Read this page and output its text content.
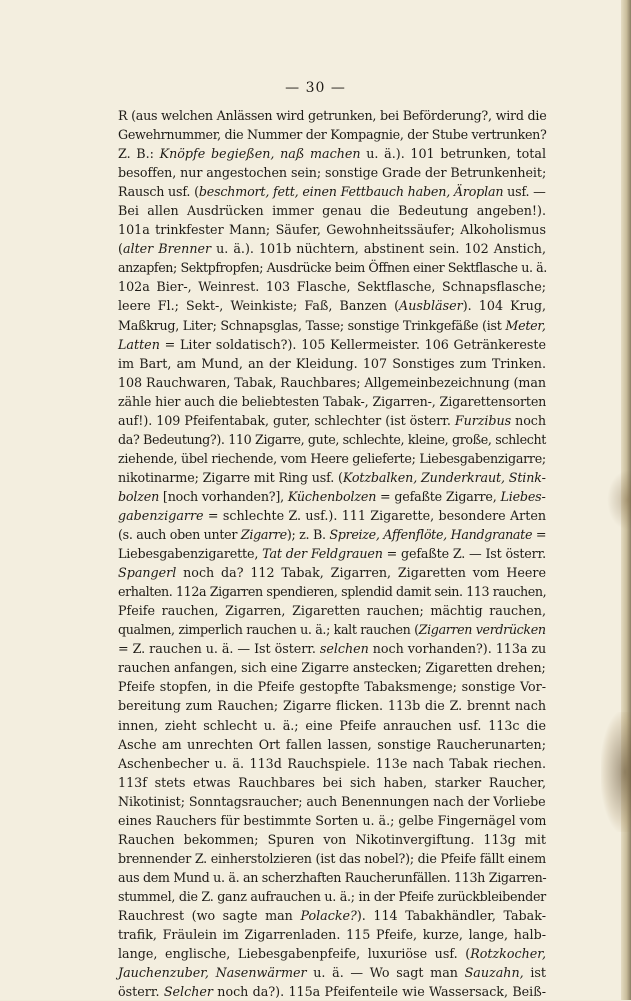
— 30 —
R (aus welchen Anlässen wird getrunken, bei Beförderung?, wird die
Gewehrnummer, die Nummer der Kompagnie, der Stube vertrunken?
Z. B.: Knöpfe begießen, naß machen u. ä.). 101 betrunken, total
besoffen, nur angestochen sein; sonstige Grade der Betrunkenheit;
Rausch usf. (beschmort, fett, einen Fettbauch haben, Äroplan usf. —
Bei allen Ausdrücken immer genau die Bedeutung angeben!).
101a trinkfester Mann; Säufer, Gewohnheitssäufer; Alkoholismus
(alter Brenner u. ä.). 101b nüchtern, abstinent sein. 102 Anstich,
anzapfen; Sektpfropfen; Ausdrücke beim Öffnen einer Sektflasche u. ä.
102a Bier-, Weinrest. 103 Flasche, Sektflasche, Schnapsflasche;
leere Fl.; Sekt-, Weinkiste; Faß, Banzen (Ausbläser). 104 Krug,
Maßkrug, Liter; Schnapsglas, Tasse; sonstige Trinkgefäße (ist Meter,
Latten = Liter soldatisch?). 105 Kellermeister. 106 Getränkereste
im Bart, am Mund, an der Kleidung. 107 Sonstiges zum Trinken.
108 Rauchwaren, Tabak, Rauchbares; Allgemeinbezeichnung (man
zähle hier auch die beliebtesten Tabak-, Zigarren-, Zigarettensorten
auf!). 109 Pfeifentabak, guter, schlechter (ist österr. Furzibus noch
da? Bedeutung?). 110 Zigarre, gute, schlechte, kleine, große, schlecht
ziehende, übel riechende, vom Heere gelieferte; Liebesgabenzigarre;
nikotinarme; Zigarre mit Ring usf. (Kotzbalken, Zunderkraut, Stink-
bolzen [noch vorhanden?], Küchenbolzen = gefaßte Zigarre, Liebes-
gabenzigarre = schlechte Z. usf.). 111 Zigarette, besondere Arten
(s. auch oben unter Zigarre); z. B. Spreize, Affenflöte, Handgranate =
Liebesgabenzigarette, Tat der Feldgrauen = gefaßte Z. — Ist österr.
Spangerl noch da? 112 Tabak, Zigarren, Zigaretten vom Heere
erhalten. 112a Zigarren spendieren, splendid damit sein. 113 rauchen,
Pfeife rauchen, Zigarren, Zigaretten rauchen; mächtig rauchen,
qualmen, zimperlich rauchen u. ä.; kalt rauchen (Zigarren verdrücken
= Z. rauchen u. ä. — Ist österr. selchen noch vorhanden?). 113a zu
rauchen anfangen, sich eine Zigarre anstecken; Zigaretten drehen;
Pfeife stopfen, in die Pfeife gestopfte Tabaksmenge; sonstige Vor-
bereitung zum Rauchen; Zigarre flicken. 113b die Z. brennt nach
innen, zieht schlecht u. ä.; eine Pfeife anrauchen usf. 113c die
Asche am unrechten Ort fallen lassen, sonstige Raucherunarten;
Aschenbecher u. ä. 113d Rauchspiele. 113e nach Tabak riechen.
113f stets etwas Rauchbares bei sich haben, starker Raucher,
Nikotinist; Sonntagsraucher; auch Benennungen nach der Vorliebe
eines Rauchers für bestimmte Sorten u. ä.; gelbe Fingernägel vom
Rauchen bekommen; Spuren von Nikotinvergiftung. 113g mit
brennender Z. einherstolzieren (ist das nobel?); die Pfeife fällt einem
aus dem Mund u. ä. an scherzhaften Raucherunfällen. 113h Zigarren-
stummel, die Z. ganz aufrauchen u. ä.; in der Pfeife zurückbleibender
Rauchrest (wo sagte man Polacke?). 114 Tabakhändler, Tabak-
trafik, Fräulein im Zigarrenladen. 115 Pfeife, kurze, lange, halb-
lange, englische, Liebesgabenpfeife, luxuriöse usf. (Rotzkocher,
Jauchenzuber, Nasenwärmer u. ä. — Wo sagt man Sauzahn, ist
österr. Selcher noch da?). 115a Pfeifenteile wie Wassersack, Beiß-
